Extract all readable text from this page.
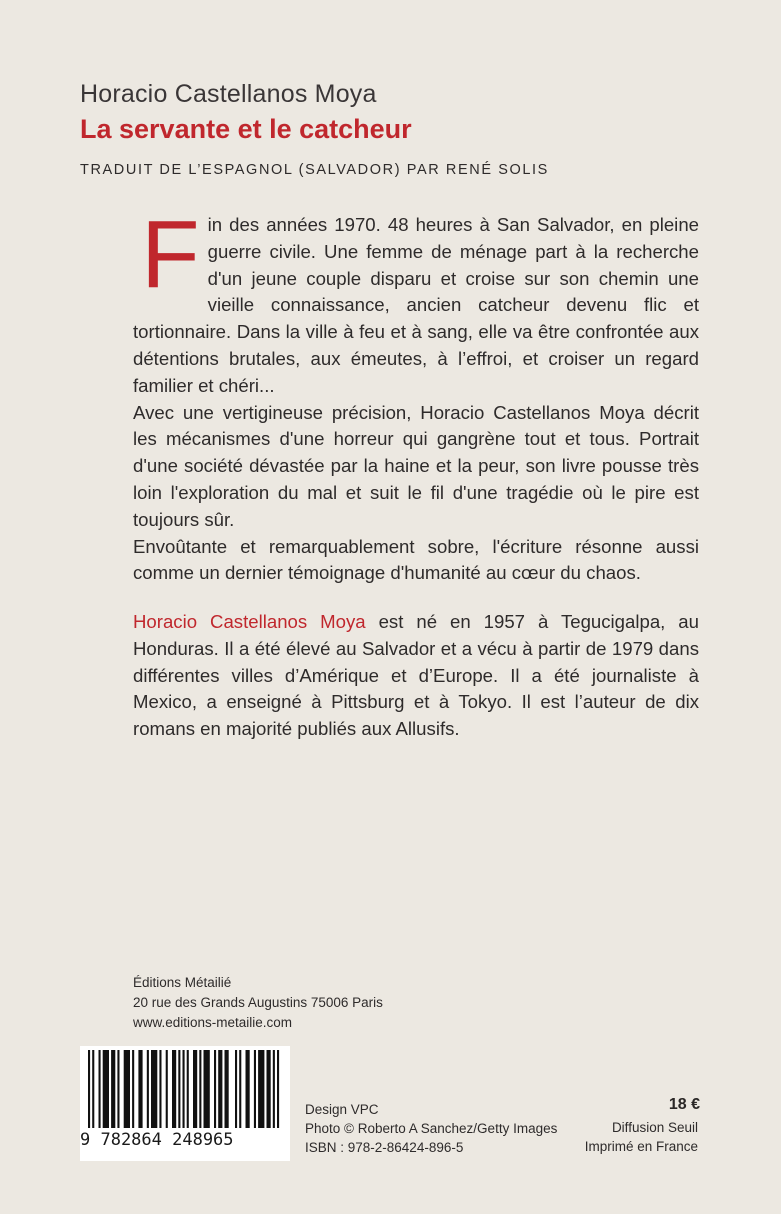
Horacio Castellanos Moya
La servante et le catcheur
TRADUIT DE L’ESPAGNOL (SALVADOR) PAR RENÉ SOLIS

Fin des années 1970. 48 heures à San Salvador, en pleine guerre civile. Une femme de ménage part à la recherche d'un jeune couple disparu et croise sur son chemin une vieille connaissance, ancien catcheur devenu flic et tortionnaire. Dans la ville à feu et à sang, elle va être confrontée aux détentions brutales, aux émeutes, à l’effroi, et croiser un regard familier et chéri...

Avec une vertigineuse précision, Horacio Castellanos Moya décrit les mécanismes d'une horreur qui gangrène tout et tous. Portrait d'une société dévastée par la haine et la peur, son livre pousse très loin l'exploration du mal et suit le fil d'une tragédie où le pire est toujours sûr.

Envoûtante et remarquablement sobre, l'écriture résonne aussi comme un dernier témoignage d'humanité au cœur du chaos.

Horacio Castellanos Moya est né en 1957 à Tegucigalpa, au Honduras. Il a été élevé au Salvador et a vécu à partir de 1979 dans différentes villes d’Amérique et d’Europe. Il a été journaliste à Mexico, a enseigné à Pittsburg et à Tokyo. Il est l’auteur de dix romans en majorité publiés aux Allusifs.

Éditions Métailié
20 rue des Grands Augustins 75006 Paris
www.editions-metailie.com
9 782864 248965
Design VPC
Photo © Roberto A Sanchez/Getty Images
ISBN : 978-2-86424-896-5
18 €
Diffusion Seuil
Imprimé en France
